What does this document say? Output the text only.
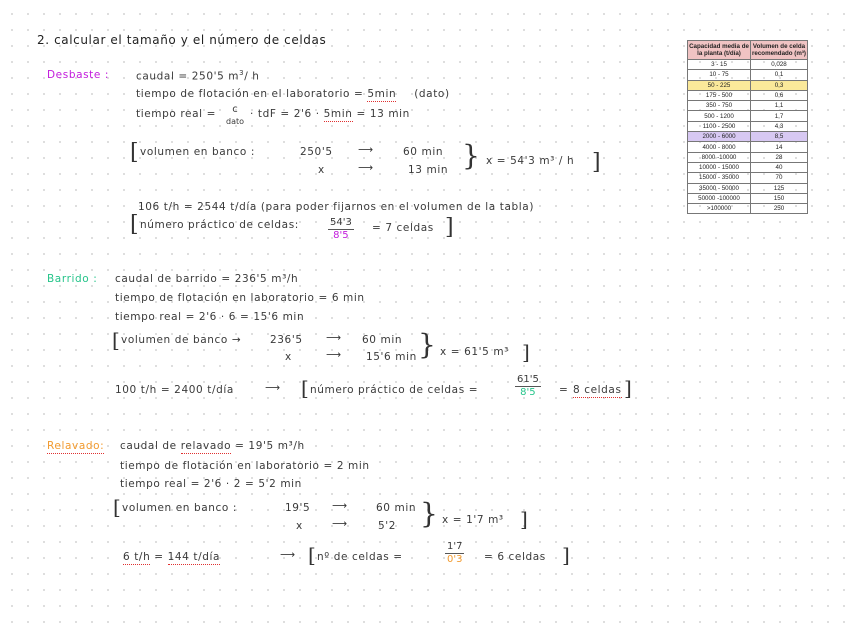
2. calcular el tamaño y el número de celdas
Desbaste :	caudal = 250'5 $m^3/$ h
tiempo de flotación en el laboratorio = 5min (dato)
tiempo real = c
dato
· tdF = 2'6 · 5min = 13 min
[ volumen en banco :	250'5 ⟶	60 min
x	⟶	13 min } x = 54'3 m³ / h ]
106 t/h = 2544 t/día (para poder fijarnos en el volumen de la tabla)
[ número práctico de celdas:	$\frac{54'3}{8'5} = 7$ celdas ]
Barrido : caudal de barrido = 236'5 m³/h
tiempo de flotación en laboratorio = 6 min
tiempo real = 2'6 · 6 = 15'6 min
[ volumen de banco →	236'5 ⟶ 60 min
x	⟶ 15'6 min } x = 61'5 m³ ]
100 t/h = 2400 t/día	⟶ [ número práctico de celdas =	$\frac{61'5}{8'5} = 8$ celdas ]
Relavado: caudal de relavado = 19'5 m³/h
tiempo de flotación en laboratorio = 2 min
tiempo real = 2'6 · 2 = 5'2 min
[ volumen en banco :	19'5 ⟶	60 min
x	⟶	5'2 } x = 1'7 m³ ]
6 t/h = 144 t/día	⟶ [ nº de celdas =	$\frac{1'7}{0'3} = 6$ celdas ]
Capacidad media de la planta (t/día)	Volumen de celda recomendado (m³)
3 - 15	0,028
10 - 75	0,1
50 - 225	0,3
175 - 500	0,6
350 - 750	1,1
500 - 1200	1,7
1100 - 2500	4,3
2000 - 6000	8,5
4000 - 8000	14
8000 -10000	28
10000 - 15000	40
15000 - 35000	70
35000 - 50000	125
50000 -100000	150
>100000	250
